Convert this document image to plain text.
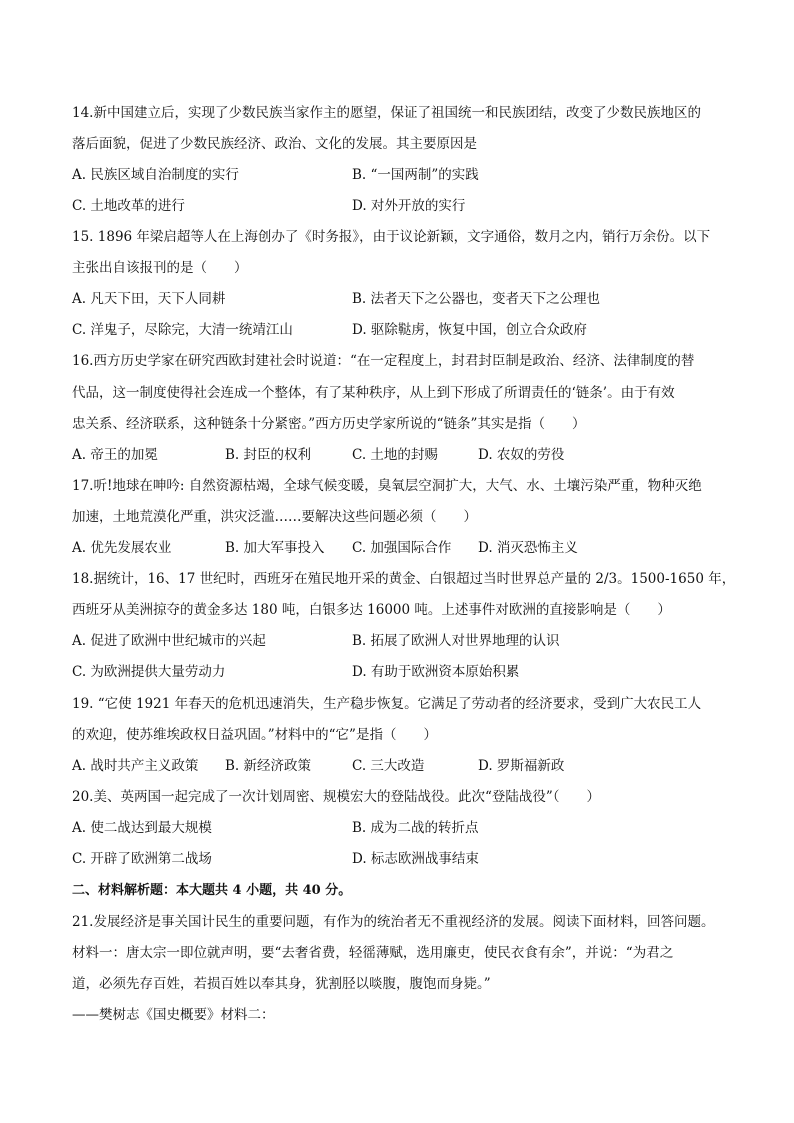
14.新中国建立后，实现了少数民族当家作主的愿望，保证了祖国统一和民族团结，改变了少数民族地区的
落后面貌，促进了少数民族经济、政治、文化的发展。其主要原因是
A. 民族区域自治制度的实行	B. “一国两制”的实践
C. 土地改革的进行	D. 对外开放的实行
15. 1896 年梁启超等人在上海创办了《时务报》，由于议论新颖，文字通俗，数月之内，销行万余份。以下
主张出自该报刊的是（　　）
A. 凡天下田，天下人同耕	B. 法者天下之公器也，变者天下之公理也
C. 洋鬼子，尽除完，大清一统靖江山	D. 驱除鞑虏，恢复中国，创立合众政府
16.西方历史学家在研究西欧封建社会时说道：“在一定程度上，封君封臣制是政治、经济、法律制度的替
代品，这一制度使得社会连成一个整体，有了某种秩序，从上到下形成了所谓责任的‘链条’。由于有效
忠关系、经济联系，这种链条十分紧密。”西方历史学家所说的“链条”其实是指（　　）
A. 帝王的加冕	B. 封臣的权利	C. 土地的封赐	D. 农奴的劳役
17.听!地球在呻吟: 自然资源枯竭，全球气候变暖，臭氧层空洞扩大，大气、水、土壤污染严重，物种灭绝
加速，土地荒漠化严重，洪灾泛滥……要解决这些问题必须（　　）
A. 优先发展农业	B. 加大军事投入 C. 加强国际合作 D. 消灭恐怖主义
18.据统计，16、17 世纪时，西班牙在殖民地开采的黄金、白银超过当时世界总产量的 2/3。1500-1650 年，
西班牙从美洲掠夺的黄金多达 180 吨，白银多达 16000 吨。上述事件对欧洲的直接影响是（　　）
A. 促进了欧洲中世纪城市的兴起	B. 拓展了欧洲人对世界地理的认识
C. 为欧洲提供大量劳动力	D. 有助于欧洲资本原始积累
19. “它使 1921 年春天的危机迅速消失，生产稳步恢复。它满足了劳动者的经济要求，受到广大农民工人
的欢迎，使苏维埃政权日益巩固。”材料中的“它”是指（　　）
A. 战时共产主义政策 B. 新经济政策	C. 三大改造	D. 罗斯福新政
20.美、英两国一起完成了一次计划周密、规模宏大的登陆战役。此次“登陆战役”（　　）
A. 使二战达到最大规模	B. 成为二战的转折点
C. 开辟了欧洲第二战场	D. 标志欧洲战事结束
二、材料解析题：本大题共 4 小题，共 40 分。
21.发展经济是事关国计民生的重要问题，有作为的统治者无不重视经济的发展。阅读下面材料，回答问题。
材料一：唐太宗一即位就声明，要“去奢省费，轻徭薄赋，选用廉吏，使民衣食有余”，并说：“为君之
道，必须先存百姓，若损百姓以奉其身，犹割胫以啖腹，腹饱而身毙。”
——樊树志《国史概要》材料二：
